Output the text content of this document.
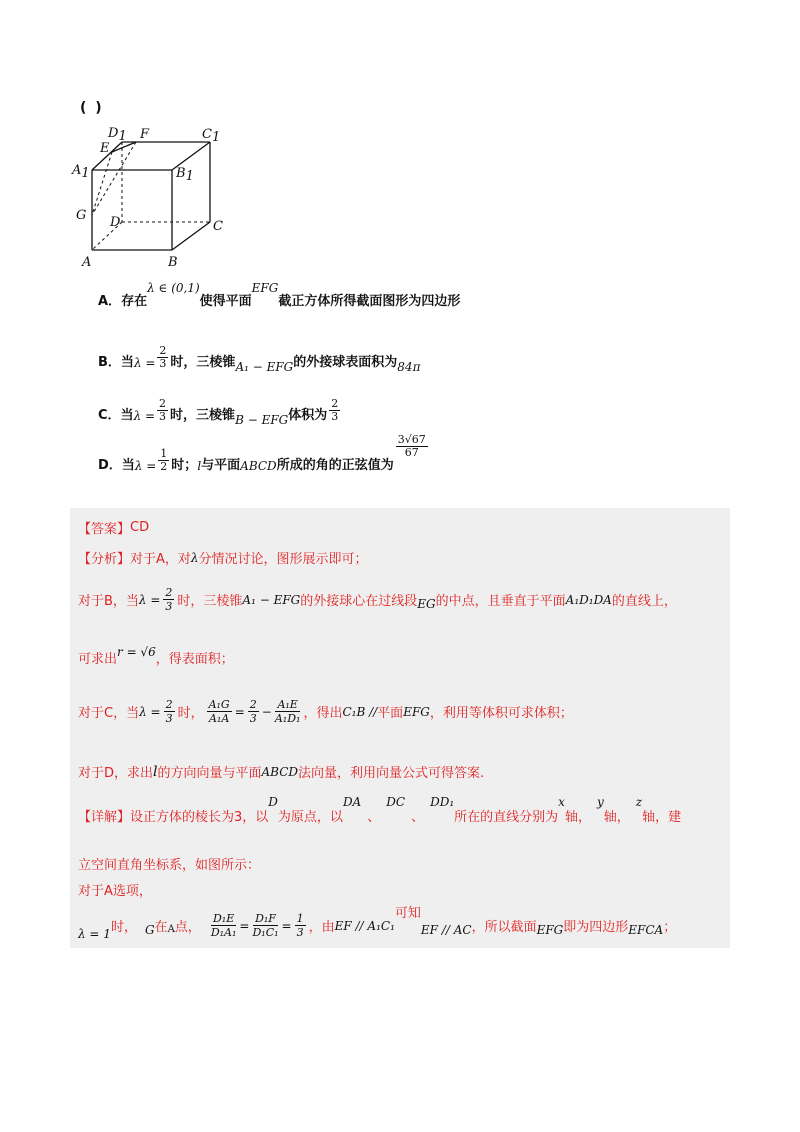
( )
D1 F	C1
E
A1	B1
G D	C
A	B
A． 存在
λ ∈ (0,1)
使得平面
EFG
截正方体所得截面图形为四边形
B． 当 $\lambda = \frac{2}{3}$ 时，三棱锥 A₁ − EFG 的外接球表面积为 84π
C． 当 $\lambda = \frac{2}{3}$ 时，三棱锥 B − EFG 体积为 $\frac{2}{3}$
D． 当 $\lambda = \frac{1}{2}$ 时； l 与平面 ABCD 所成的角的正弦值为
$\frac{3√67}{67}$
【答案】 CD
【分析】 对于A，对 λ 分情况讨论，图形展示即可；
对于B，当 $\lambda = \frac{2}{3}$ 时，三棱锥 A₁ − EFG 的外接球心在过线段 EG 的中点，且垂直于平面 A₁D₁DA 的直线上，
可求出
r = √6
，得表面积；
对于C，当 $\lambda = \frac{2}{3}$ 时， $\frac{\text{A₁G}}{\text{A₁A}} = \frac{2}{3} - \frac{\text{A₁E}}{\text{A₁D₁}}$ ，得出 C₁B // 平面 EFG ，利用等体积可求体积；
对于D，求出 l 的方向向量与平面 ABCD 法向量，利用向量公式可得答案.
【详解】 设正方体的棱长为3，以
D
为原点，以
DA
、
DC
、
DD₁
所在的直线分别为
x
轴，
y
轴，
z
轴，建
立空间直角坐标系，如图所示：
对于A选项，
λ = 1 时， G 在 A 点， $\frac{\text{D₁E}}{\text{D₁A₁}} = \frac{\text{D₁F}}{\text{D₁C₁}} = \frac{1}{3}$ ，由 EF // A₁C₁
可知
EF // AC ，所以截面 EFG 即为四边形 EFCA ；
